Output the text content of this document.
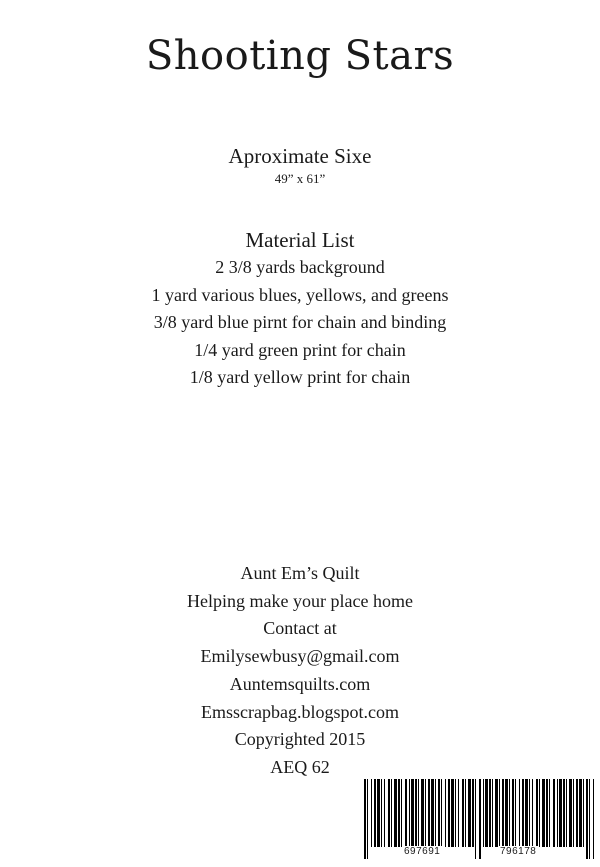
Shooting Stars
Aproximate Sixe
49” x 61”
Material List
2 3/8 yards background
1 yard various blues, yellows, and greens
3/8 yard blue pirnt for chain and binding
1/4 yard green print for chain
1/8 yard yellow print for chain
Aunt Em’s Quilt
Helping make your place home
Contact at
Emilysewbusy@gmail.com
Auntemsquilts.com
Emsscrapbag.blogspot.com
Copyrighted 2015
AEQ 62
697691	796178
